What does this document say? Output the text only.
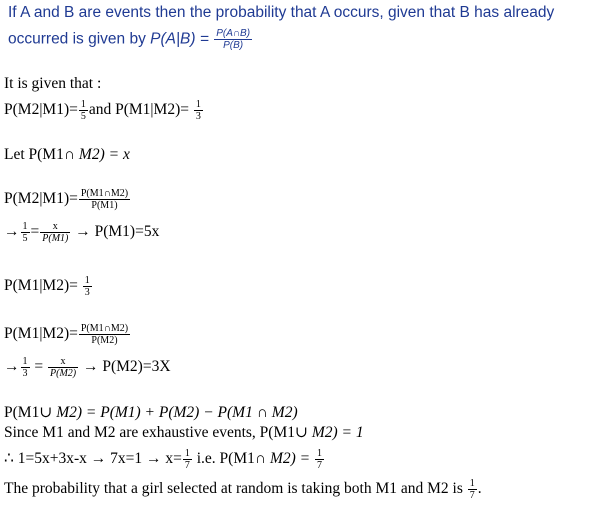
If A and B are events then the probability that A occurs, given that B has already
occurred is given by $P(A|B) = \frac{P(A\cap B)}{P(B)}$
It is given that :
$P(M2|M1)= \frac{1}{5}$ and $P(M1|M2)= \frac{1}{3}$
Let P(M1∩ M2) = x
$P(M2|M1)= \frac{P(M1\cap M2)}{P(M1)}$
→ $\frac{1}{5} = \frac{x}{P(M1)} \to P(M1)=5x$
$P(M1|M2)= \frac{1}{3}$
$P(M1|M2)= \frac{P(M1\cap M2)}{P(M2)}$
→ $\frac{1}{3} = \frac{x}{P(M2)} \to P(M2)=3X$
P(M1∪ M2) = P(M1) + P(M2) − P(M1 ∩ M2)
Since M1 and M2 are exhaustive events, P(M1∪ M2) = 1
∴ $1=5x+3x-x \to 7x=1 \to x= \frac{1}{7} i.e$. P(M1∩ $M2) = \frac{1}{7}$
The probability that a girl selected at random is taking both M1 and M2 is $\frac{1}{7}$ .
